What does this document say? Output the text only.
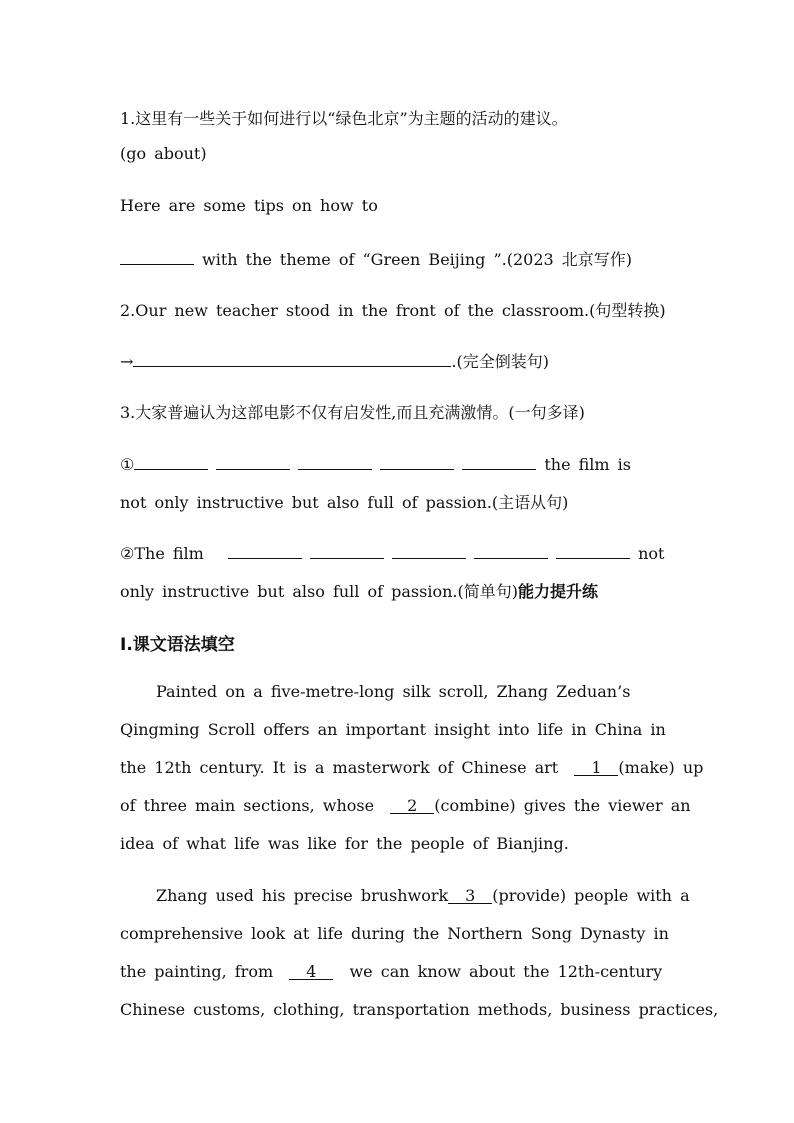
1.这里有一些关于如何进行以“绿色北京”为主题的活动的建议。
(go about)
Here are some tips on how to
with the theme of “Green Beijing ”.(2023 北京写作)
2.Our new teacher stood in the front of the classroom.(句型转换)
→	.(完全倒装句)
3.大家普遍认为这部电影不仅有启发性,而且充满激情。(一句多译)
①	the film is
not only instructive but also full of passion.(主语从句)
②The film	not
only instructive but also full of passion.(简单句)能力提升练
Ⅰ.课文语法填空
Painted on a five-metre-long silk scroll, Zhang Zeduan’s
Qingming Scroll offers an important insight into life in China in
the 12th century. It is a masterwork of Chinese art 1 (make) up
of three main sections, whose 2 (combine) gives the viewer an
idea of what life was like for the people of Bianjing.
Zhang used his precise brushwork 3 (provide) people with a
comprehensive look at life during the Northern Song Dynasty in
the painting, from 4 we can know about the 12th-century
Chinese customs, clothing, transportation methods, business practices,
